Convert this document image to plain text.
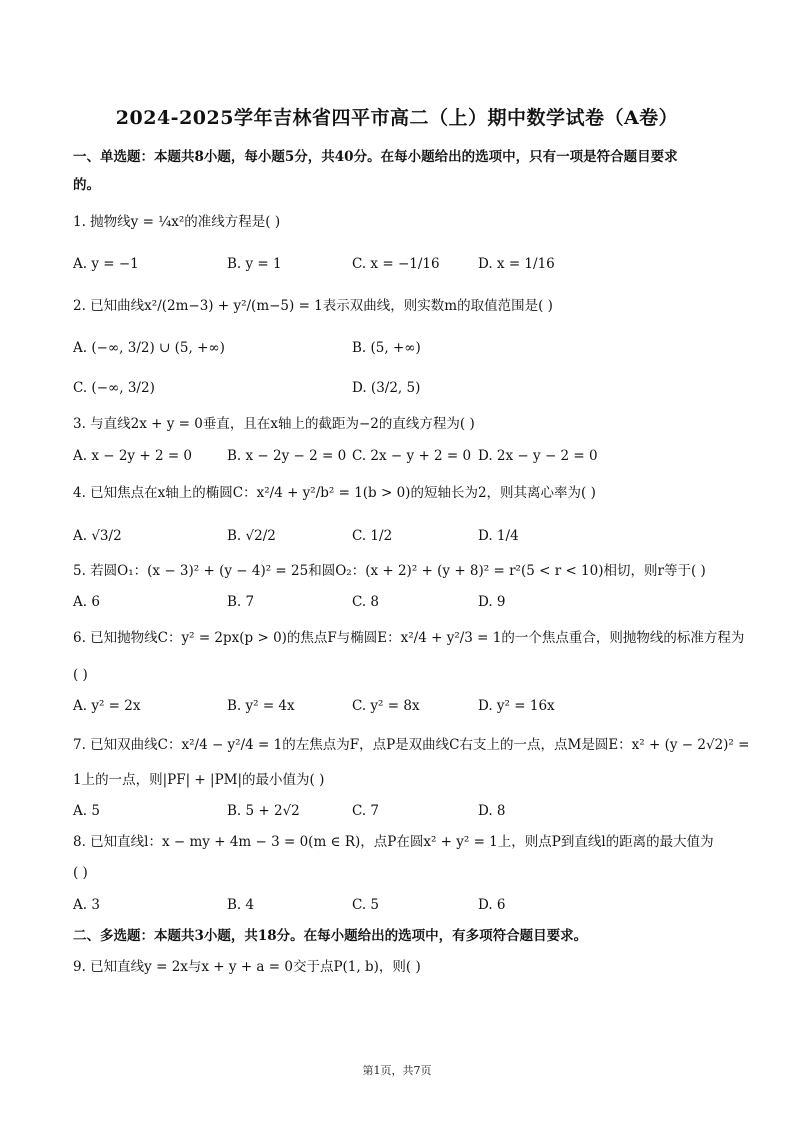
2024-2025学年吉林省四平市高二（上）期中数学试卷（A卷）
一、单选题：本题共8小题，每小题5分，共40分。在每小题给出的选项中，只有一项是符合题目要求
的。
1. 抛物线y = ¼x²的准线方程是( )
A. y = −1	B. y = 1	C. x = −1/16	D. x = 1/16
2. 已知曲线x²/(2m−3) + y²/(m−5) = 1表示双曲线，则实数m的取值范围是( )
A. (−∞, 3/2) ∪ (5, +∞)	B. (5, +∞)
C. (−∞, 3/2)	D. (3/2, 5)
3. 与直线2x + y = 0垂直，且在x轴上的截距为−2的直线方程为( )
A. x − 2y + 2 = 0	B. x − 2y − 2 = 0 C. 2x − y + 2 = 0 D. 2x − y − 2 = 0
4. 已知焦点在x轴上的椭圆C：x²/4 + y²/b² = 1(b > 0)的短轴长为2，则其离心率为( )
A. √3/2	B. √2/2	C. 1/2	D. 1/4
5. 若圆O₁：(x − 3)² + (y − 4)² = 25和圆O₂：(x + 2)² + (y + 8)² = r²(5 < r < 10)相切，则r等于( )
A. 6	B. 7	C. 8	D. 9
6. 已知抛物线C：y² = 2px(p > 0)的焦点F与椭圆E：x²/4 + y²/3 = 1的一个焦点重合，则抛物线的标准方程为
( )
A. y² = 2x	B. y² = 4x	C. y² = 8x	D. y² = 16x
7. 已知双曲线C：x²/4 − y²/4 = 1的左焦点为F，点P是双曲线C右支上的一点，点M是圆E：x² + (y − 2√2)² =
1上的一点，则|PF| + |PM|的最小值为( )
A. 5	B. 5 + 2√2	C. 7	D. 8
8. 已知直线l：x − my + 4m − 3 = 0(m ∈ R)，点P在圆x² + y² = 1上，则点P到直线l的距离的最大值为
( )
A. 3	B. 4	C. 5	D. 6
二、多选题：本题共3小题，共18分。在每小题给出的选项中，有多项符合题目要求。
9. 已知直线y = 2x与x + y + a = 0交于点P(1, b)，则( )
第1页，共7页
